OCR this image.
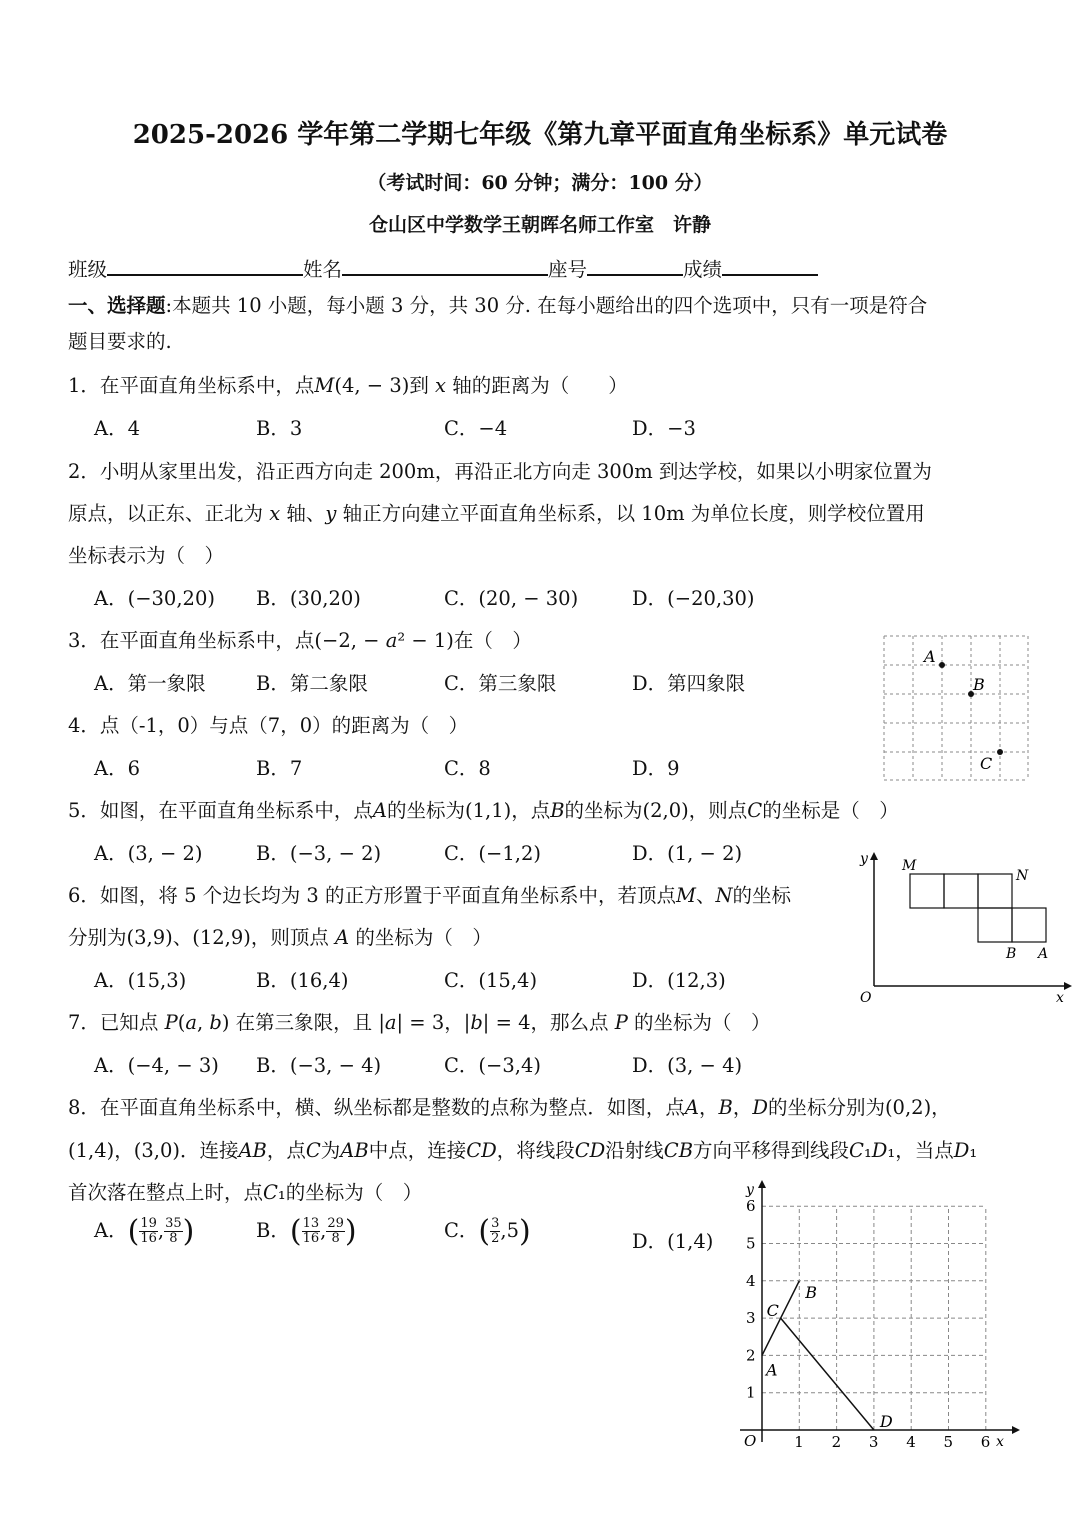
2025-2026 学年第二学期七年级《第九章平面直角坐标系》单元试卷
（考试时间：60 分钟；满分：100 分）
仓山区中学数学王朝晖名师工作室　许静
班级	姓名	座号	成绩
一、选择题:本题共 10 小题，每小题 3 分，共 30 分. 在每小题给出的四个选项中，只有一项是符合
题目要求的.
1．在平面直角坐标系中，点𝑀(4, − 3)到 𝑥 轴的距离为（　　）
A．4	B．3	C．−4	D．−3
2．小明从家里出发，沿正西方向走 200m，再沿正北方向走 300m 到达学校，如果以小明家位置为
原点，以正东、正北为 𝑥 轴、𝑦 轴正方向建立平面直角坐标系，以 10m 为单位长度，则学校位置用
坐标表示为（　）
A．(−30,20) B．(30,20)	C．(20, − 30)	D．(−20,30)
3．在平面直角坐标系中，点(−2, − 𝑎² − 1)在（　）
A．第一象限	B．第二象限	C．第三象限	D．第四象限
4．点（-1，0）与点（7，0）的距离为（　）
A．6	B．7	C．8	D．9
A
B
C
5．如图，在平面直角坐标系中，点𝐴的坐标为(1,1)，点𝐵的坐标为(2,0)，则点𝐶的坐标是（　）
A．(3, − 2)	B．(−3, − 2)	C．(−1,2)	D．(1, − 2)	y
x
O
M
N
B A
6．如图，将 5 个边长均为 3 的正方形置于平面直角坐标系中，若顶点𝑀、𝑁的坐标
分别为(3,9)、(12,9)，则顶点 𝐴 的坐标为（　）
A．(15,3)	B．(16,4)	C．(15,4)	D．(12,3)
7．已知点 𝑃(𝑎, 𝑏) 在第三象限，且 |𝑎| = 3，|𝑏| = 4，那么点 𝑃 的坐标为（　）
A．(−4, − 3) B．(−3, − 4)	C．(−3,4)	D．(3, − 4)
8．在平面直角坐标系中，横、纵坐标都是整数的点称为整点．如图，点𝐴，𝐵，𝐷的坐标分别为(0,2)，
(1,4)，(3,0)．连接𝐴𝐵，点𝐶为𝐴𝐵中点，连接𝐶𝐷，将线段𝐶𝐷沿射线𝐶𝐵方向平移得到线段𝐶₁𝐷₁，当点𝐷₁
首次落在整点上时，点𝐶₁的坐标为（　）
A．( $\frac{19}{16}$ , $\frac{35}{8}$ )	B．( $\frac{13}{16}$ , $\frac{29}{8}$ )	C．( $\frac{3}{2} ,5$)	D．(1,4)
1 2 3 4 5 6
1
2
3
4
5
6
y
x
O
A
B
C
D
